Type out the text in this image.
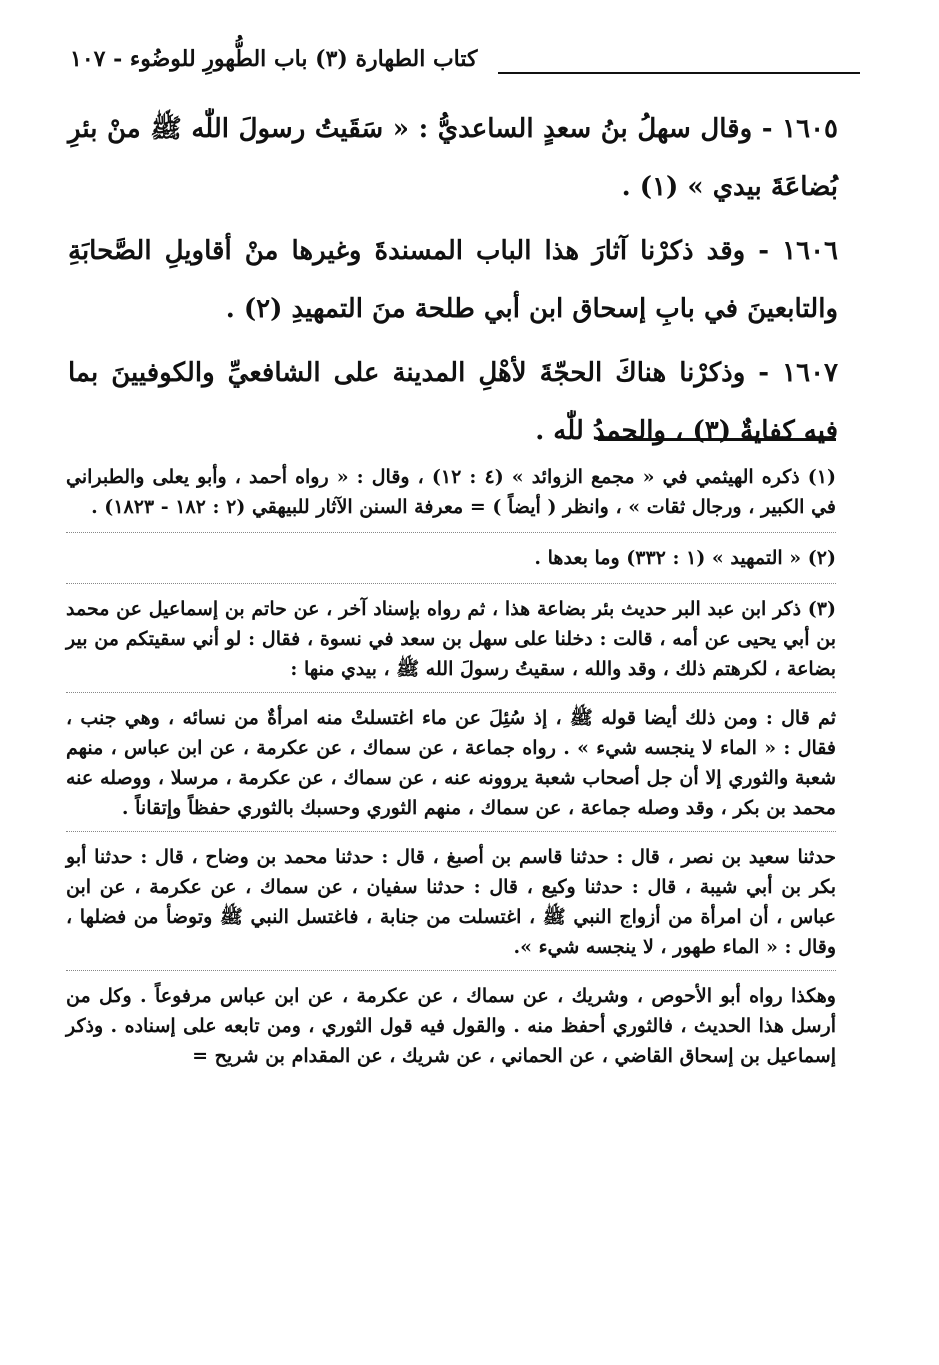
كتاب الطهارة (٣) باب الطُّهورِ للوضُوء - ١٠٧

١٦٠٥ - وقال سهلُ بنُ سعدٍ الساعديُّ : « سَقَيتُ رسولَ اللّٰه ﷺ منْ بئرِ بُضاعَةَ بيدي » (١) .

١٦٠٦ - وقد ذكرْنا آثارَ هذا الباب المسندةَ وغيرها منْ أقاويلِ الصَّحابَةِ والتابعينَ في بابِ إسحاق ابن أبي طلحة منَ التمهيدِ (٢) .

١٦٠٧ - وذكرْنا هناكَ الحجّةَ لأهْلِ المدينة على الشافعيِّ والكوفيينَ بما فيه كفايةٌ (٣) ، والحمدُ للّٰه .

(١) ذكره الهيثمي في « مجمع الزوائد » (٤ : ١٢) ، وقال : « رواه أحمد ، وأبو يعلى والطبراني في الكبير ، ورجال ثقات » ، وانظر ( أيضاً ) = معرفة السنن الآثار للبيهقي (٢ : ١٨٢ - ١٨٢٣) .
(٢) « التمهيد » (١ : ٣٣٢) وما بعدها .

(٣) ذكر ابن عبد البر حديث بئر بضاعة هذا ، ثم رواه بإسناد آخر ، عن حاتم بن إسماعيل عن محمد بن أبي يحيى عن أمه ، قالت : دخلنا على سهل بن سعد في نسوة ، فقال : لو أني سقيتكم من بير بضاعة ، لكرهتم ذلك ، وقد والله ، سقيتُ رسولَ الله ﷺ ، بيدي منها :

ثم قال : ومن ذلك أيضا قوله ﷺ ، إذ سُئِلَ عن ماء اغتسلتْ منه امرأةٌ من نسائه ، وهي جنب ، فقال : « الماء لا ينجسه شيء » . رواه جماعة ، عن سماك ، عن عكرمة ، عن ابن عباس ، منهم شعبة والثوري إلا أن جل أصحاب شعبة يروونه عنه ، عن سماك ، عن عكرمة ، مرسلا ، ووصله عنه محمد بن بكر ، وقد وصله جماعة ، عن سماك ، منهم الثوري وحسبك بالثوري حفظاً وإتقاناً .

حدثنا سعيد بن نصر ، قال : حدثنا قاسم بن أصبغ ، قال : حدثنا محمد بن وضاح ، قال : حدثنا أبو بكر بن أبي شيبة ، قال : حدثنا وكيع ، قال : حدثنا سفيان ، عن سماك ، عن عكرمة ، عن ابن عباس ، أن امرأة من أزواج النبي ﷺ ، اغتسلت من جنابة ، فاغتسل النبي ﷺ وتوضأ من فضلها ، وقال : « الماء طهور ، لا ينجسه شيء ».

وهكذا رواه أبو الأحوص ، وشريك ، عن سماك ، عن عكرمة ، عن ابن عباس مرفوعاً . وكل من أرسل هذا الحديث ، فالثوري أحفظ منه . والقول فيه قول الثوري ، ومن تابعه على إسناده . وذكر إسماعيل بن إسحاق القاضي ، عن الحماني ، عن شريك ، عن المقدام بن شريح =
